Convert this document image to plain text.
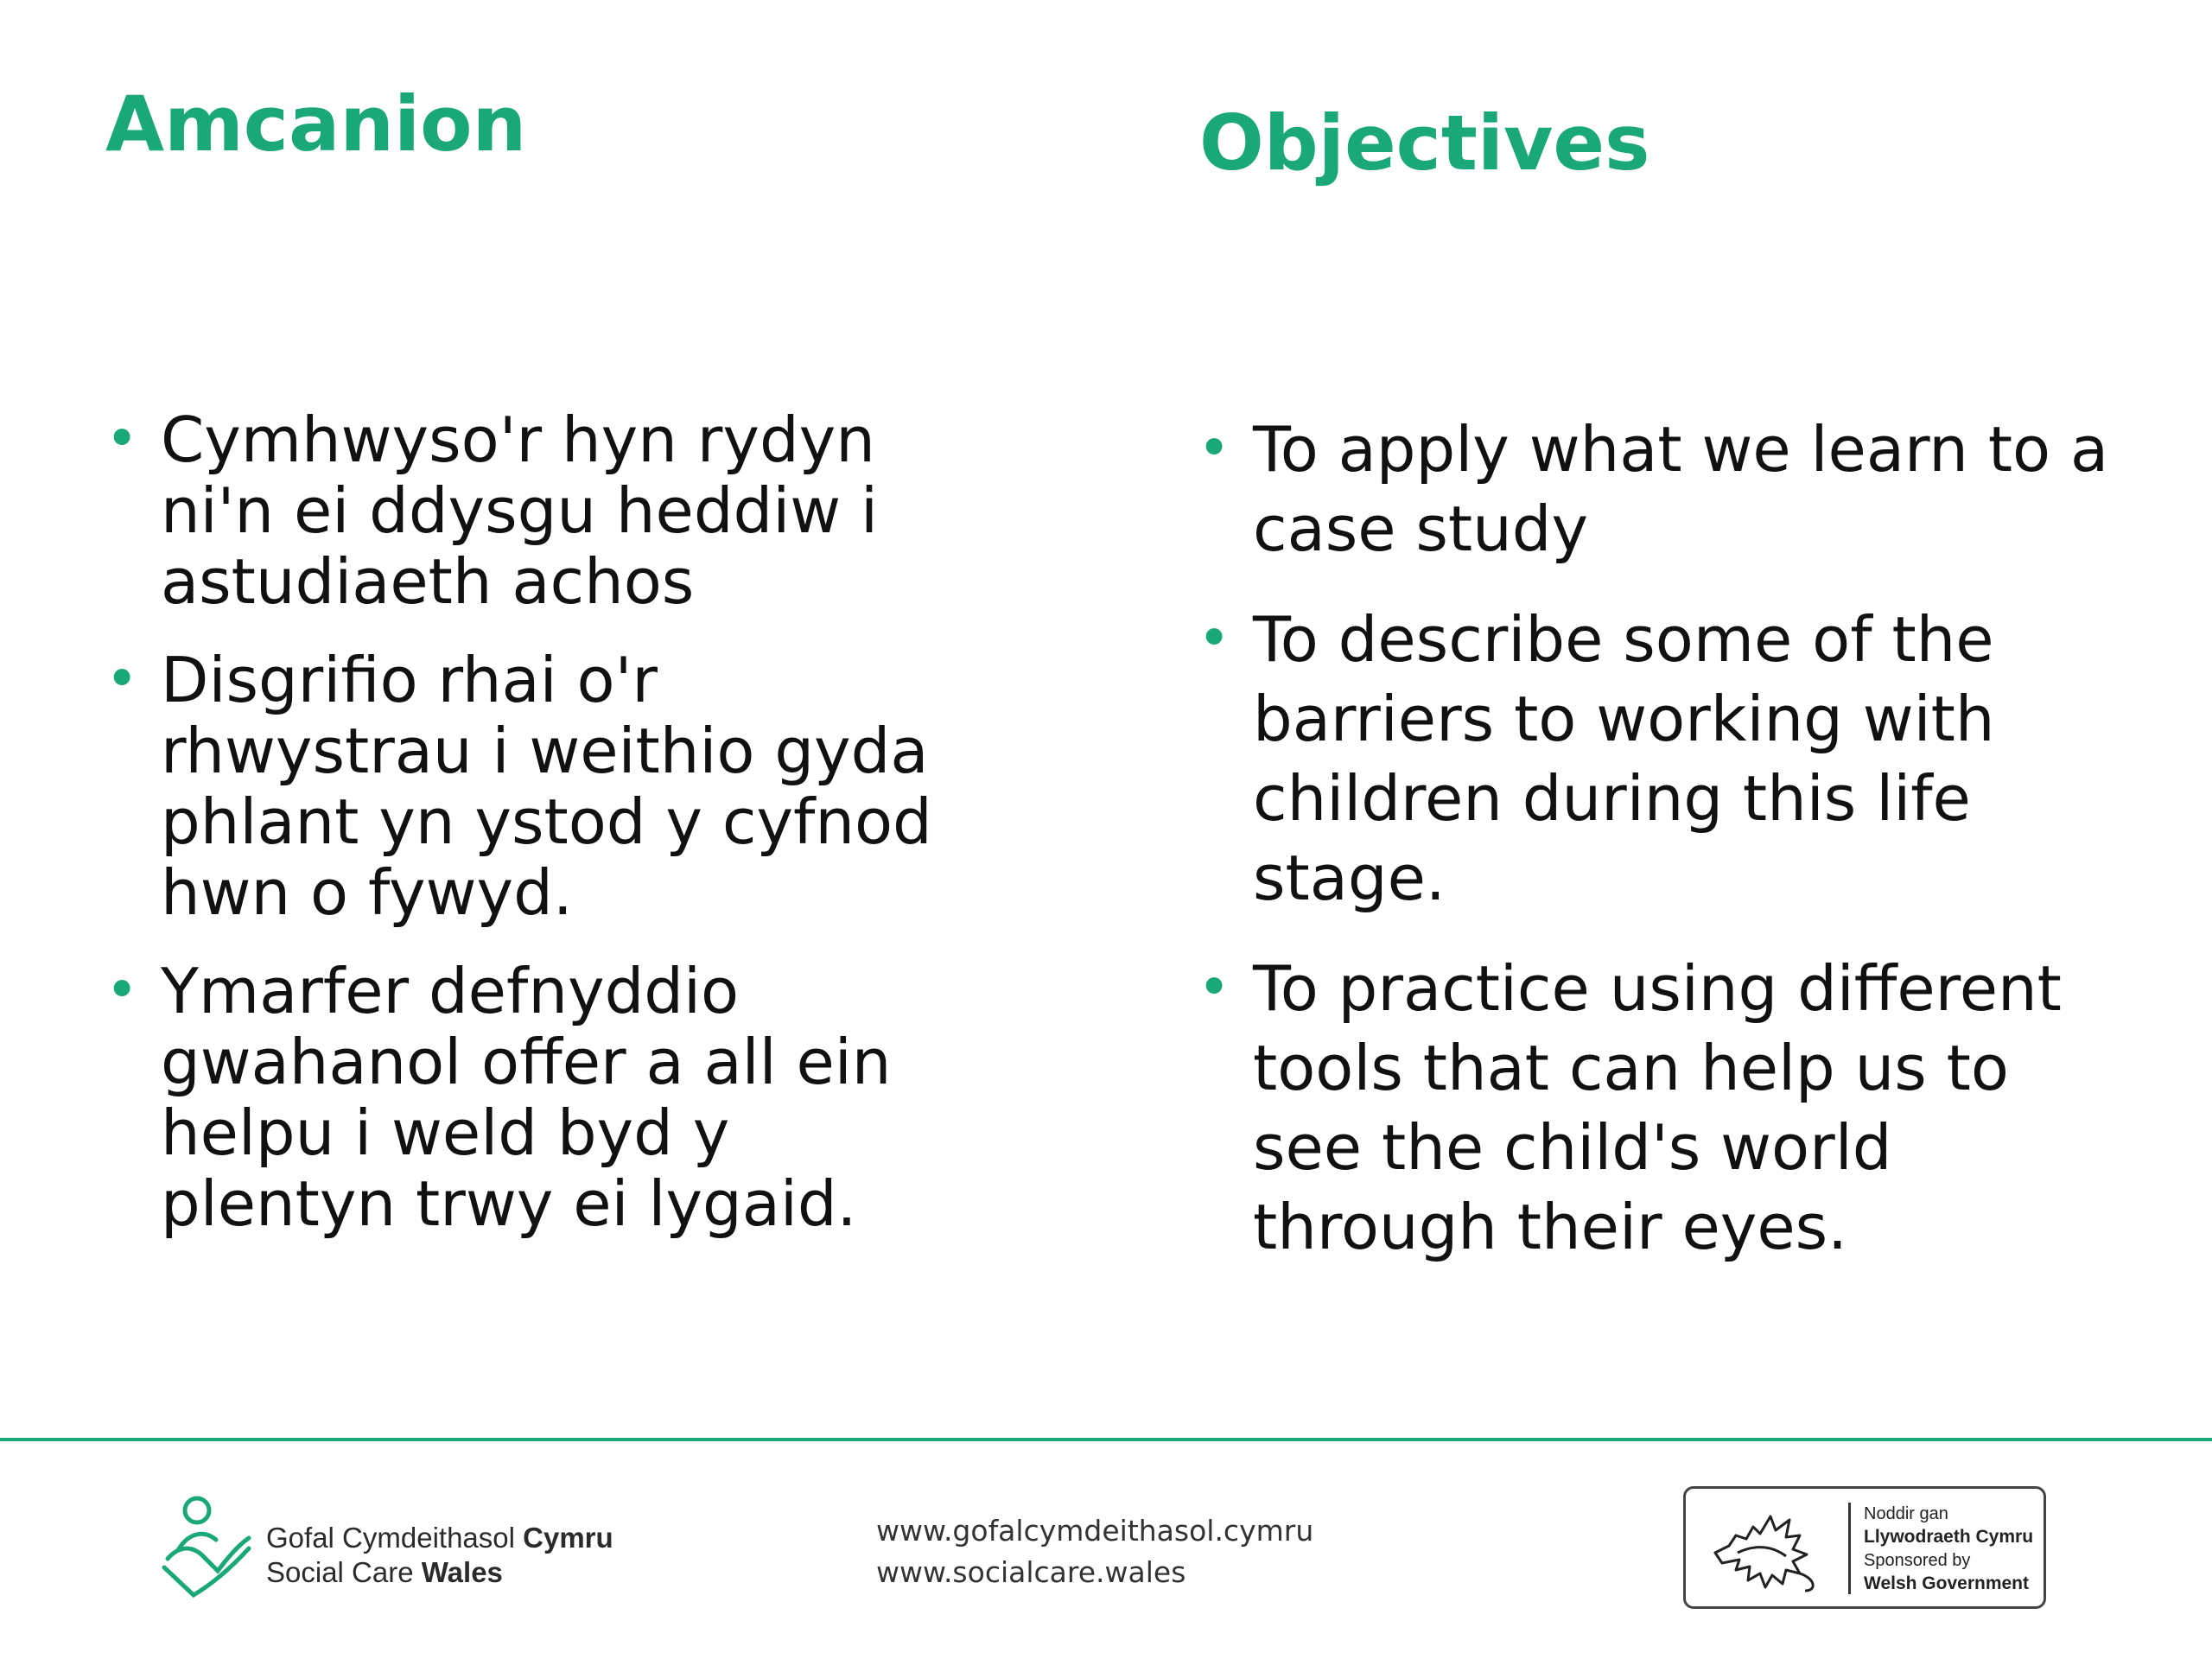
Amcanion	Objectives
• Cymhwyso'r hyn rydyn ni'n ei ddysgu heddiw i astudiaeth achos
• Disgrifio rhai o'r rhwystrau i weithio gyda phlant yn ystod y cyfnod hwn o fywyd.
• Ymarfer defnyddio gwahanol offer a all ein helpu i weld byd y plentyn trwy ei lygaid.
• To apply what we learn to a case study
• To describe some of the barriers to working with children during this life stage.
• To practice using different tools that can help us to see the child's world through their eyes.
Gofal Cymdeithasol Cymru
Social Care Wales
www.gofalcymdeithasol.cymru
www.socialcare.wales
Noddir gan
Llywodraeth Cymru
Sponsored by
Welsh Government
